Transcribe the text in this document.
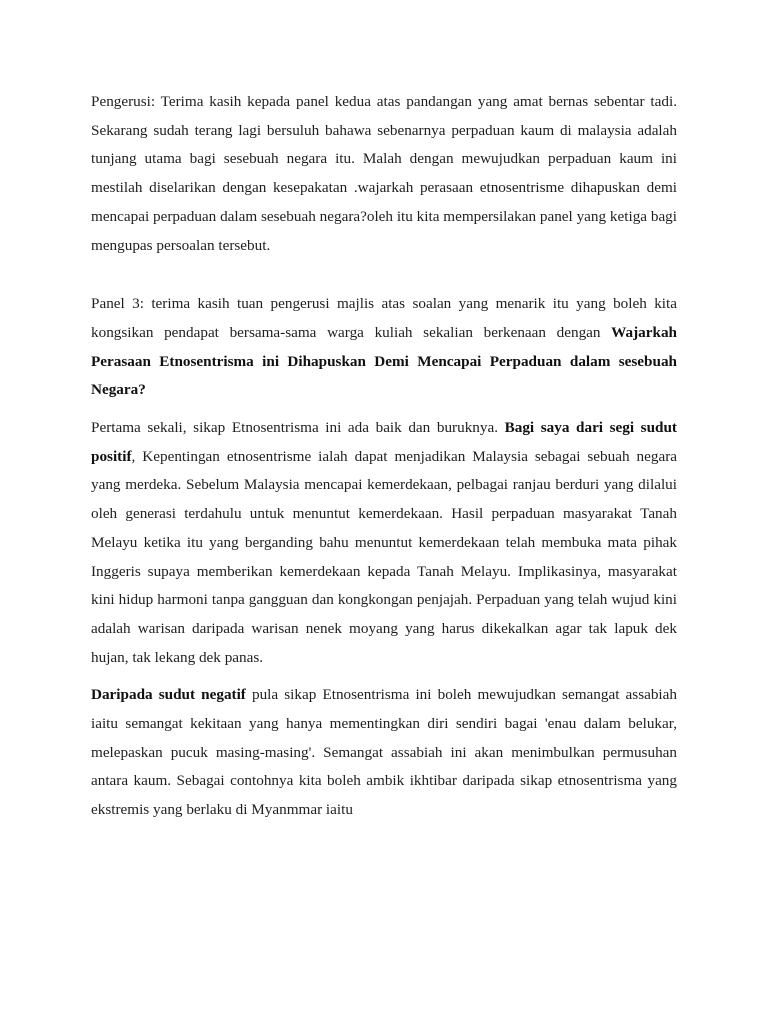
Pengerusi: Terima kasih kepada panel kedua atas pandangan yang amat bernas sebentar tadi. Sekarang sudah terang lagi bersuluh bahawa sebenarnya perpaduan kaum di malaysia adalah tunjang utama bagi sesebuah negara itu. Malah dengan mewujudkan perpaduan kaum ini mestilah diselarikan dengan kesepakatan .wajarkah perasaan etnosentrisme dihapuskan demi mencapai perpaduan dalam sesebuah negara?oleh itu kita mempersilakan panel yang ketiga bagi mengupas persoalan tersebut.

Panel 3: terima kasih tuan pengerusi majlis atas soalan yang menarik itu yang boleh kita kongsikan pendapat bersama-sama warga kuliah sekalian berkenaan dengan Wajarkah Perasaan Etnosentrisma ini Dihapuskan Demi Mencapai Perpaduan dalam sesebuah Negara?

Pertama sekali, sikap Etnosentrisma ini ada baik dan buruknya. Bagi saya dari segi sudut positif, Kepentingan etnosentrisme ialah dapat menjadikan Malaysia sebagai sebuah negara yang merdeka. Sebelum Malaysia mencapai kemerdekaan, pelbagai ranjau berduri yang dilalui oleh generasi terdahulu untuk menuntut kemerdekaan. Hasil perpaduan masyarakat Tanah Melayu ketika itu yang berganding bahu menuntut kemerdekaan telah membuka mata pihak Inggeris supaya memberikan kemerdekaan kepada Tanah Melayu. Implikasinya, masyarakat kini hidup harmoni tanpa gangguan dan kongkongan penjajah. Perpaduan yang telah wujud kini adalah warisan daripada warisan nenek moyang yang harus dikekalkan agar tak lapuk dek hujan, tak lekang dek panas.

Daripada sudut negatif pula sikap Etnosentrisma ini boleh mewujudkan semangat assabiah iaitu semangat kekitaan yang hanya mementingkan diri sendiri bagai 'enau dalam belukar, melepaskan pucuk masing-masing'. Semangat assabiah ini akan menimbulkan permusuhan antara kaum. Sebagai contohnya kita boleh ambik ikhtibar daripada sikap etnosentrisma yang ekstremis yang berlaku di Myanmmar iaitu
